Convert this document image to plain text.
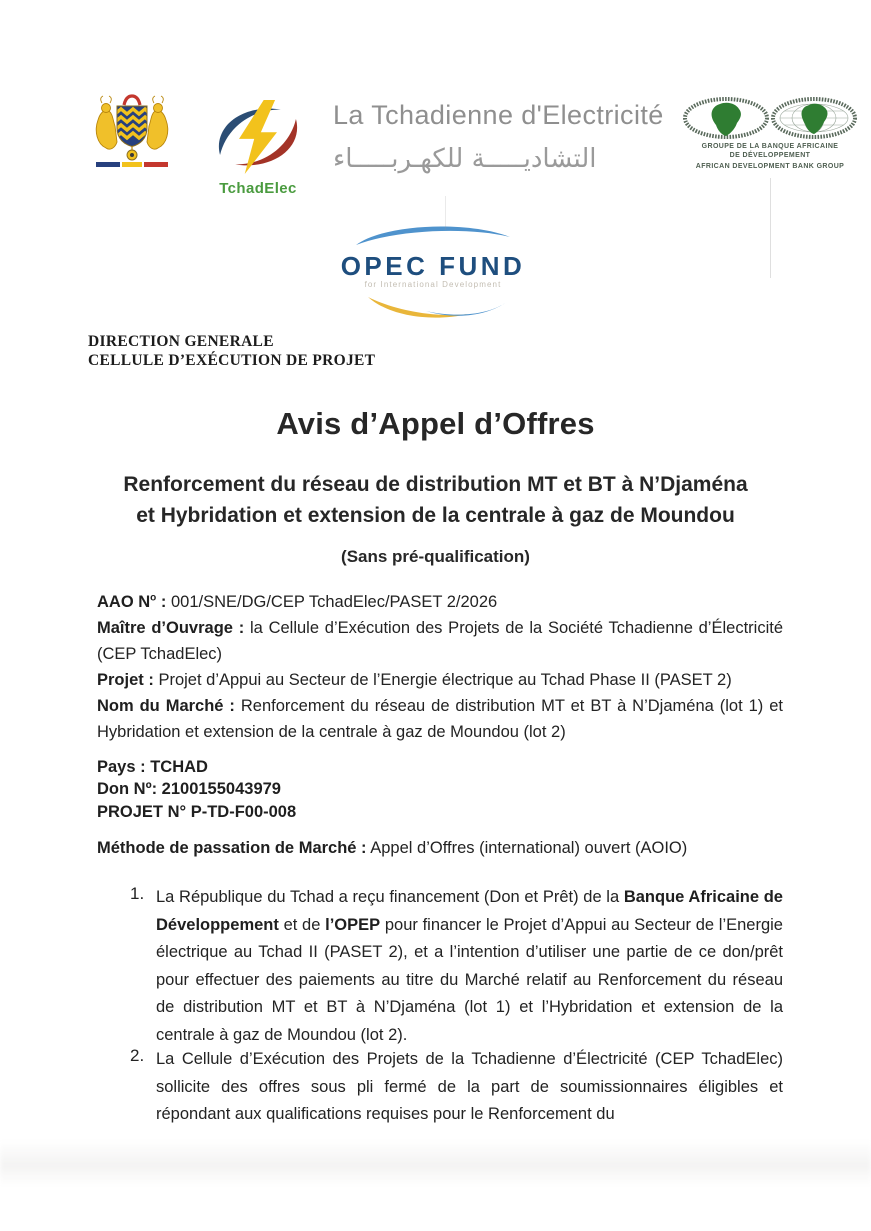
TchadElec
La Tchadienne d'Electricité
التشاديـــــة للكهـربـــــاء	GROUPE DE LA BANQUE AFRICAINE
DE DÉVELOPPEMENT
AFRICAN DEVELOPMENT BANK GROUP
OPEC FUND
for International Development
DIRECTION GENERALE
CELLULE D’EXÉCUTION DE PROJET
Avis d’Appel d’Offres
Renforcement du réseau de distribution MT et BT à N’Djaména
et Hybridation et extension de la centrale à gaz de Moundou
(Sans pré-qualification)

AAO $N^o$ : 001/SNE/DG/CEP TchadElec/PASET 2/2026

Maître d’Ouvrage : la Cellule d’Exécution des Projets de la Société Tchadienne d’Électricité (CEP TchadElec)

Projet : Projet d’Appui au Secteur de l’Energie électrique au Tchad Phase II (PASET 2)

Nom du Marché : Renforcement du réseau de distribution MT et BT à N’Djaména (lot 1) et Hybridation et extension de la centrale à gaz de Moundou (lot 2)

Pays : TCHAD

Don Nº: 2100155043979

PROJET N° P-TD-F00-008

Méthode de passation de Marché : Appel d’Offres (international) ouvert (AOIO)
1. La République du Tchad a reçu financement (Don et Prêt) de la Banque Africaine de Développement et de l’OPEP pour financer le Projet d’Appui au Secteur de l’Energie électrique au Tchad II (PASET 2), et a l’intention d’utiliser une partie de ce don/prêt pour effectuer des paiements au titre du Marché relatif au Renforcement du réseau de distribution MT et BT à N’Djaména (lot 1) et l’Hybridation et extension de la centrale à gaz de Moundou (lot 2).
2. La Cellule d’Exécution des Projets de la Tchadienne d’Électricité (CEP TchadElec) sollicite des offres sous pli fermé de la part de soumissionnaires éligibles et répondant aux qualifications requises pour le Renforcement du
